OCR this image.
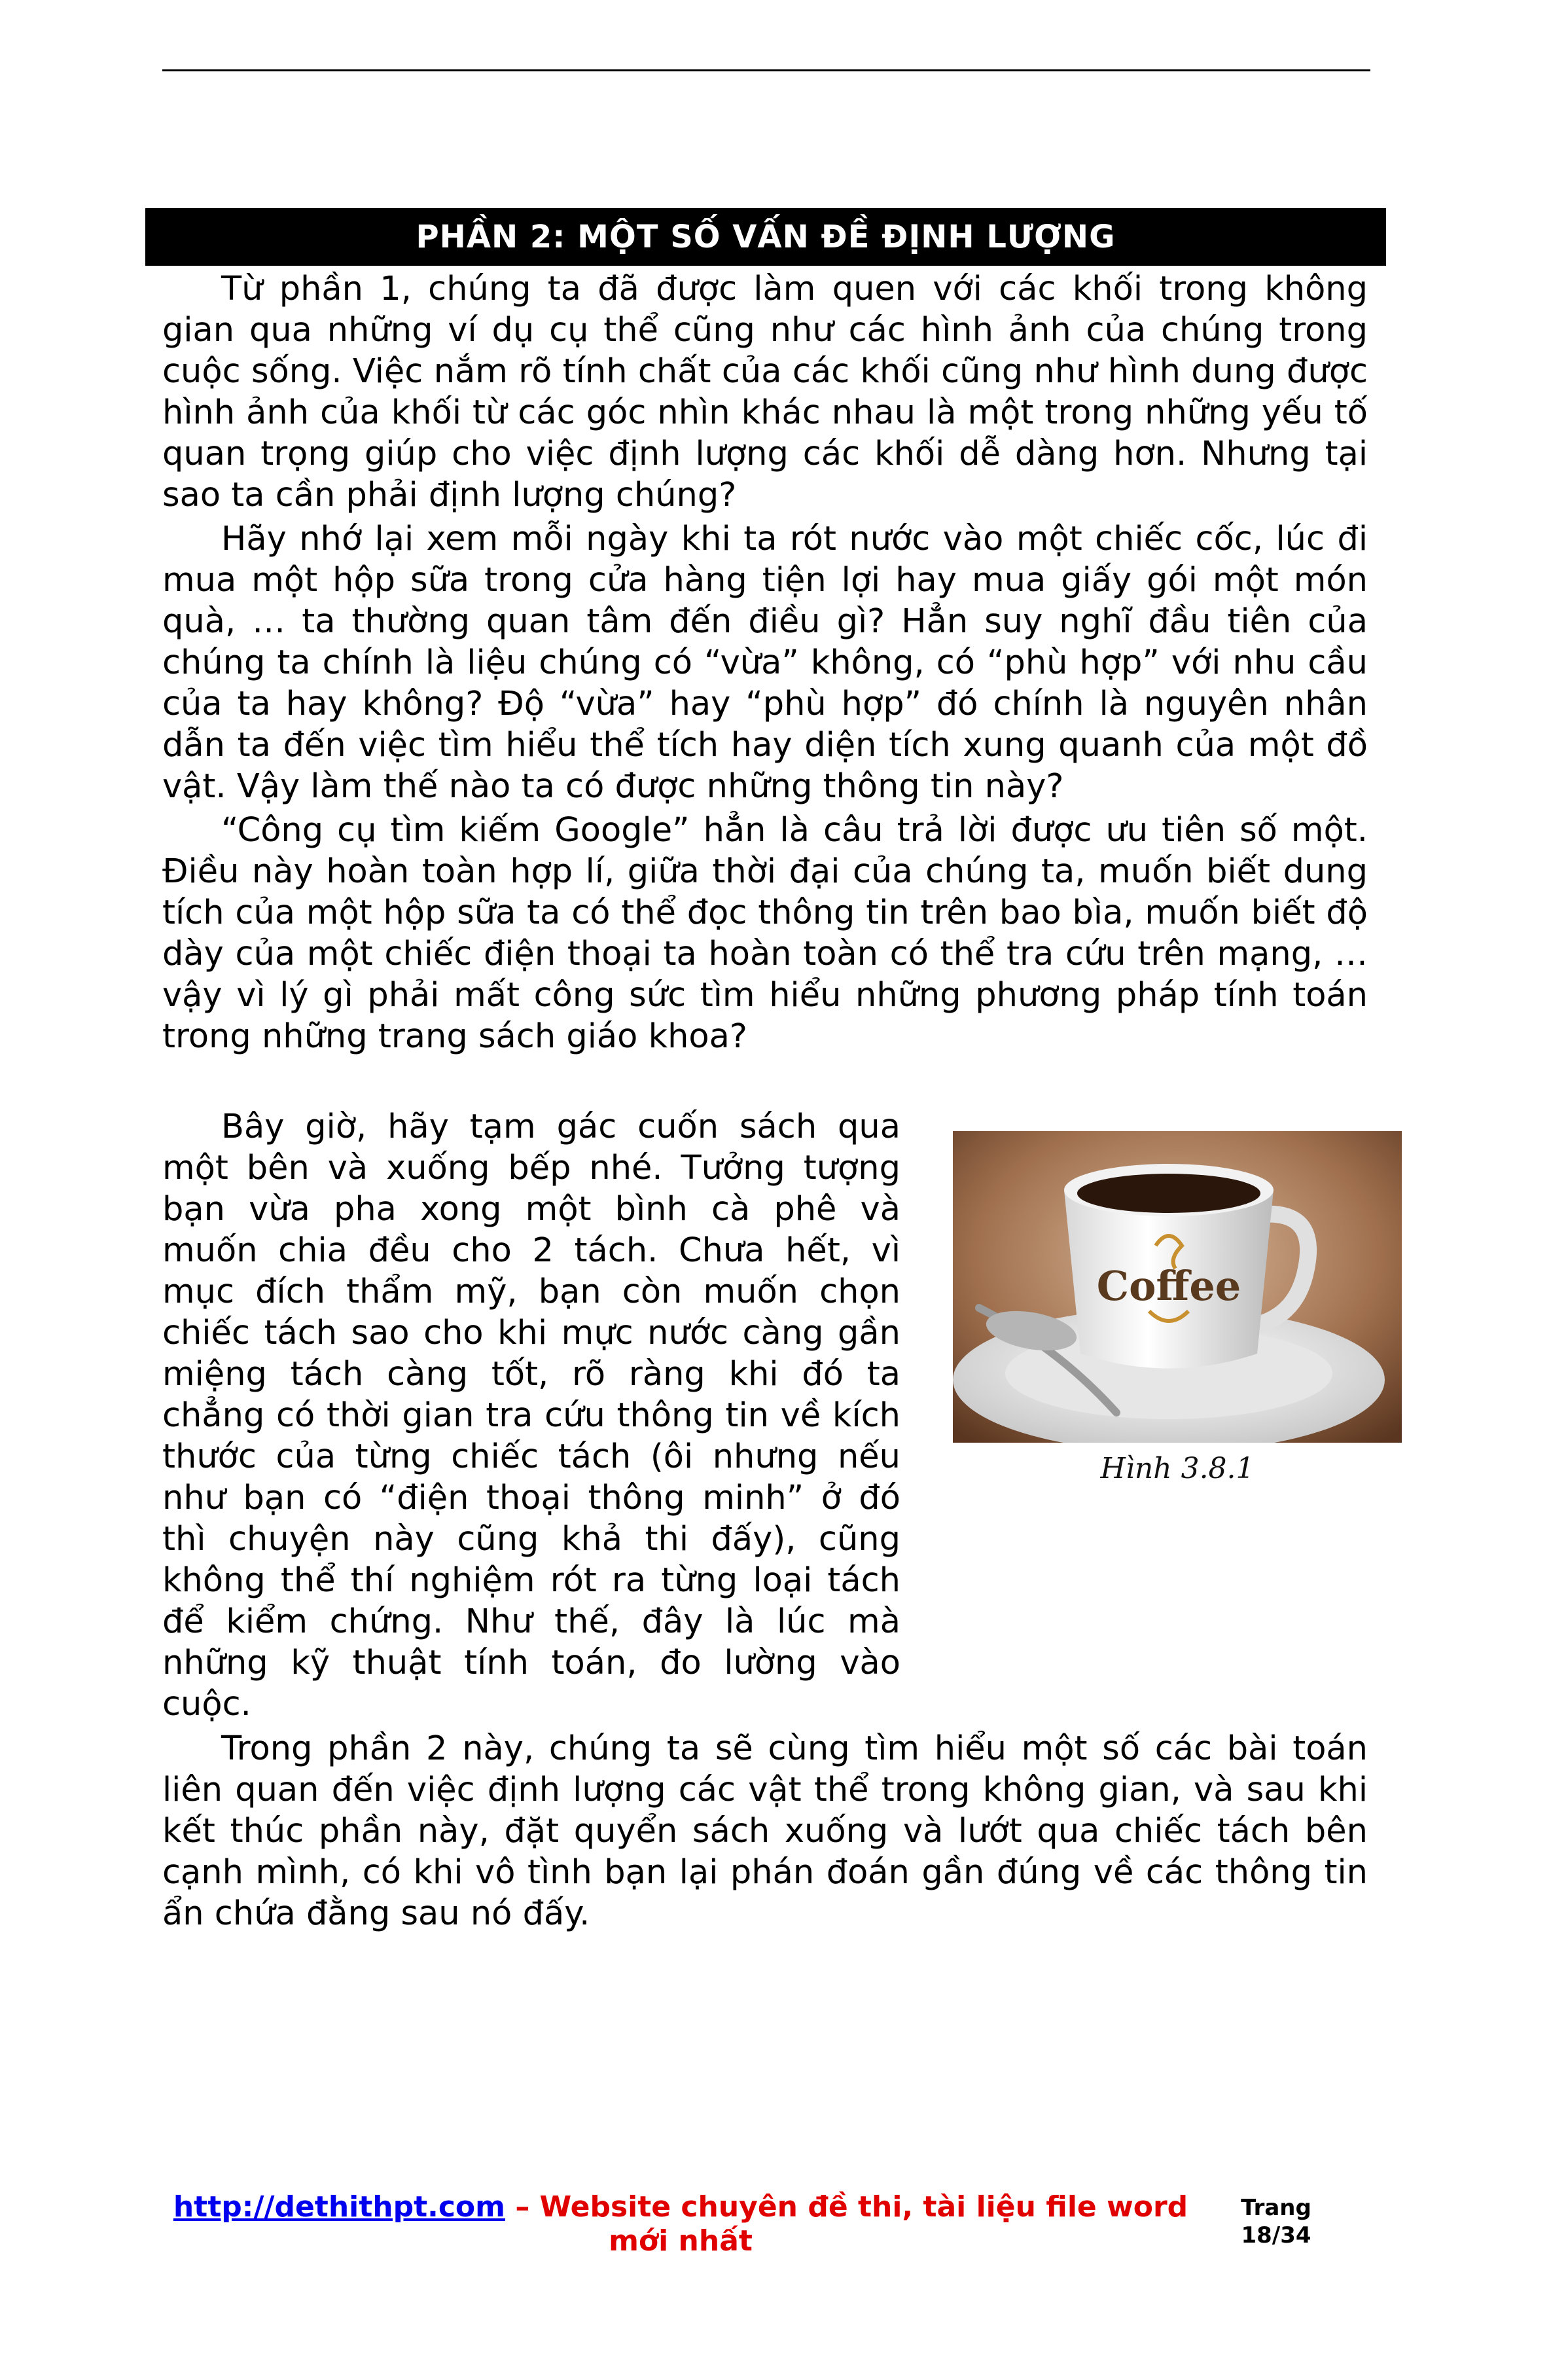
PHẦN 2: MỘT SỐ VẤN ĐỀ ĐỊNH LƯỢNG

Từ phần 1, chúng ta đã được làm quen với các khối trong không gian qua những ví dụ cụ thể cũng như các hình ảnh của chúng trong cuộc sống. Việc nắm rõ tính chất của các khối cũng như hình dung được hình ảnh của khối từ các góc nhìn khác nhau là một trong những yếu tố quan trọng giúp cho việc định lượng các khối dễ dàng hơn. Nhưng tại sao ta cần phải định lượng chúng?

Hãy nhớ lại xem mỗi ngày khi ta rót nước vào một chiếc cốc, lúc đi mua một hộp sữa trong cửa hàng tiện lợi hay mua giấy gói một món quà, … ta thường quan tâm đến điều gì? Hẳn suy nghĩ đầu tiên của chúng ta chính là liệu chúng có “vừa” không, có “phù hợp” với nhu cầu của ta hay không? Độ “vừa” hay “phù hợp” đó chính là nguyên nhân dẫn ta đến việc tìm hiểu thể tích hay diện tích xung quanh của một đồ vật. Vậy làm thế nào ta có được những thông tin này?

“Công cụ tìm kiếm Google” hẳn là câu trả lời được ưu tiên số một. Điều này hoàn toàn hợp lí, giữa thời đại của chúng ta, muốn biết dung tích của một hộp sữa ta có thể đọc thông tin trên bao bìa, muốn biết độ dày của một chiếc điện thoại ta hoàn toàn có thể tra cứu trên mạng, … vậy vì lý gì phải mất công sức tìm hiểu những phương pháp tính toán trong những trang sách giáo khoa?

Bây giờ, hãy tạm gác cuốn sách qua một bên và xuống bếp nhé. Tưởng tượng bạn vừa pha xong một bình cà phê và muốn chia đều cho 2 tách. Chưa hết, vì mục đích thẩm mỹ, bạn còn muốn chọn chiếc tách sao cho khi mực nước càng gần miệng tách càng tốt, rõ ràng khi đó ta chẳng có thời gian tra cứu thông tin về kích thước của từng chiếc tách (ôi nhưng nếu như bạn có “điện thoại thông minh” ở đó thì chuyện này cũng khả thi đấy), cũng không thể thí nghiệm rót ra từng loại tách để kiểm chứng. Như thế, đây là lúc mà những kỹ thuật tính toán, đo lường vào cuộc.

Coffee
Hình 3.8.1

Trong phần 2 này, chúng ta sẽ cùng tìm hiểu một số các bài toán liên quan đến việc định lượng các vật thể trong không gian, và sau khi kết thúc phần này, đặt quyển sách xuống và lướt qua chiếc tách bên cạnh mình, có khi vô tình bạn lại phán đoán gần đúng về các thông tin ẩn chứa đằng sau nó đấy.

http://dethithpt.com – Website chuyên đề thi, tài liệu file word mới nhất
Trang
18/34
